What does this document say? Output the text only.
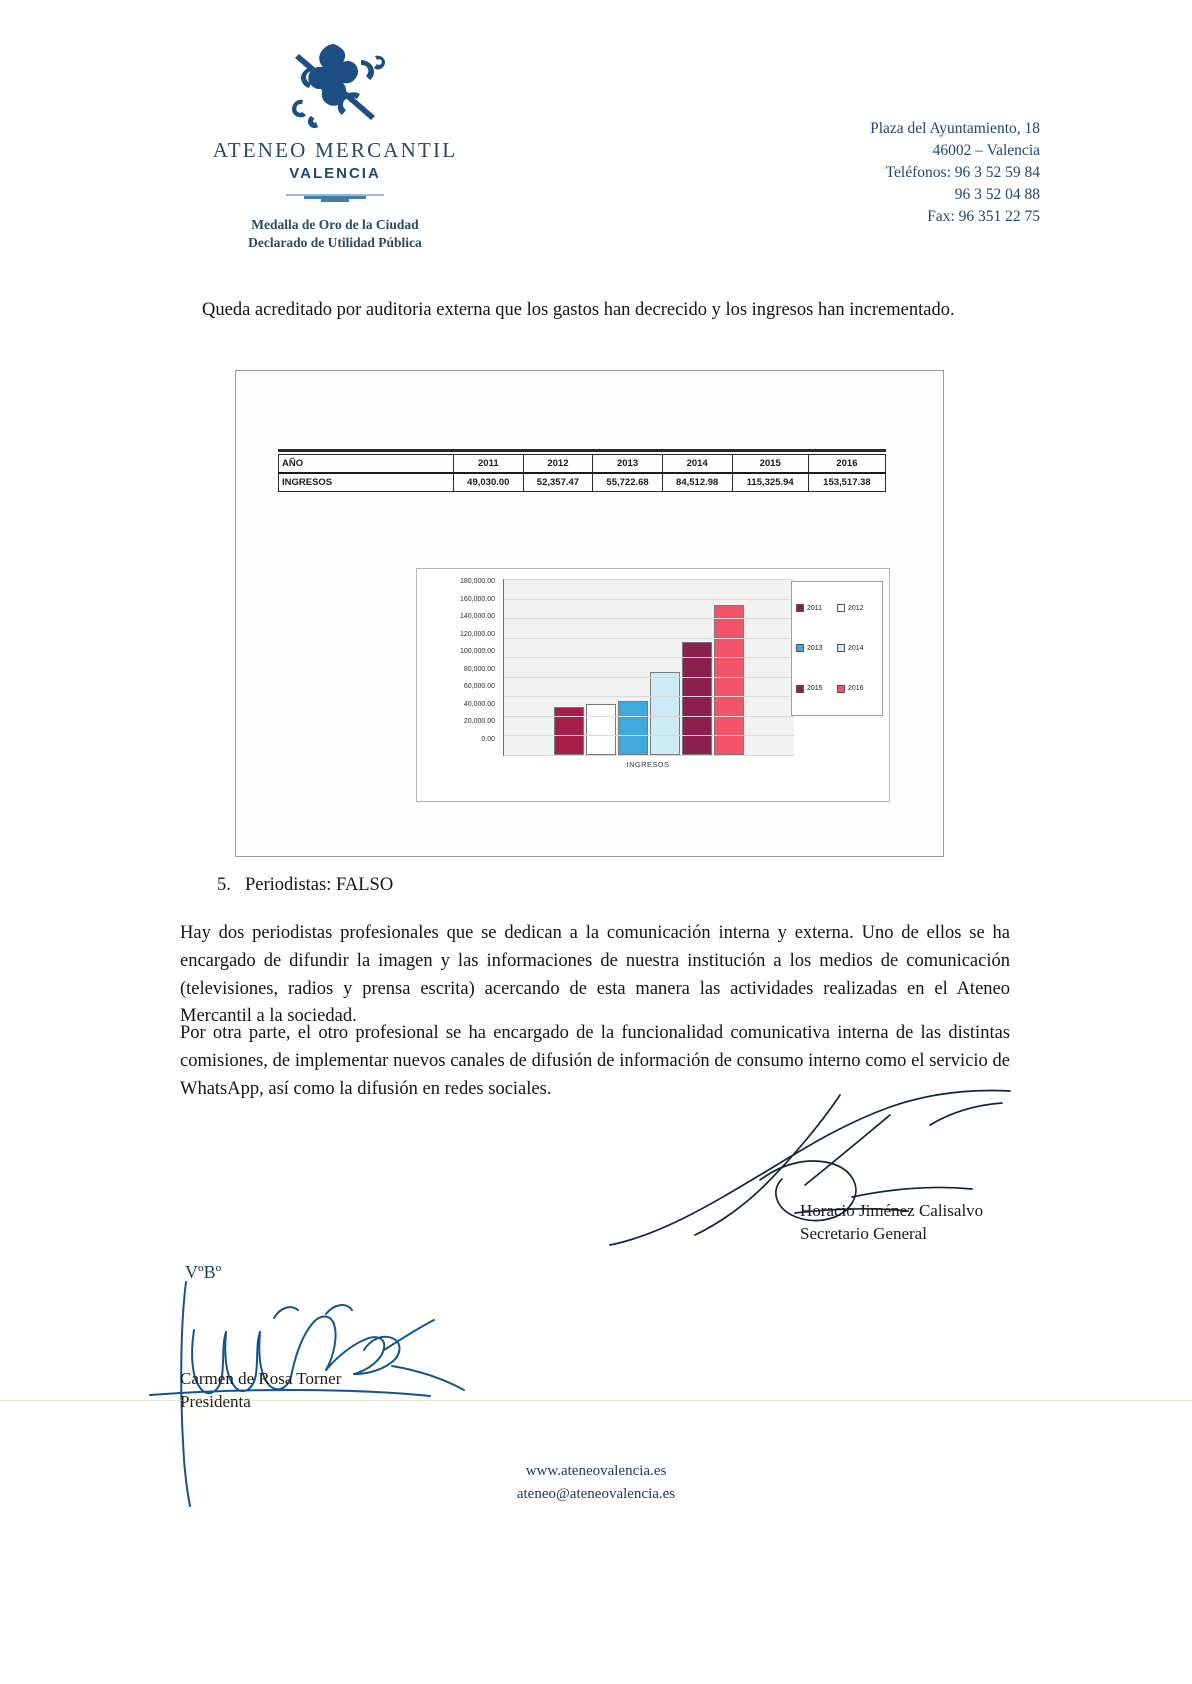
ATENEO MERCANTIL
VALENCIA
Medalla de Oro de la Ciudad
Declarado de Utilidad Pública
Plaza del Ayuntamiento, 18
46002 – Valencia
Teléfonos: 96 3 52 59 84
96 3 52 04 88
Fax: 96 351 22 75
Queda acreditado por auditoria externa que los gastos han decrecido y los ingresos han incrementado.
AÑO	2011	2012	2013	2014	2015	2016
INGRESOS	49,030.00	52,357.47	55,722.68	84,512.98	115,325.94	153,517.38
180,000.00
160,000.00
140,000.00
120,000.00
100,000.00
80,000.00
60,000.00
40,000.00
20,000.00
0.00
INGRESOS
2011	2012
2013	2014
2015	2016
5. Periodistas: FALSO
Hay dos periodistas profesionales que se dedican a la comunicación interna y externa. Uno de ellos se ha encargado de difundir la imagen y las informaciones de nuestra institución a los medios de comunicación (televisiones, radios y prensa escrita) acercando de esta manera las actividades realizadas en el Ateneo Mercantil a la sociedad.
Por otra parte, el otro profesional se ha encargado de la funcionalidad comunicativa interna de las distintas comisiones, de implementar nuevos canales de difusión de información de consumo interno como el servicio de WhatsApp, así como la difusión en redes sociales.
Horacio Jiménez Calisalvo
Secretario General
VºBº
Carmen de Rosa Torner
Presidenta
www.ateneovalencia.es
ateneo@ateneovalencia.es
